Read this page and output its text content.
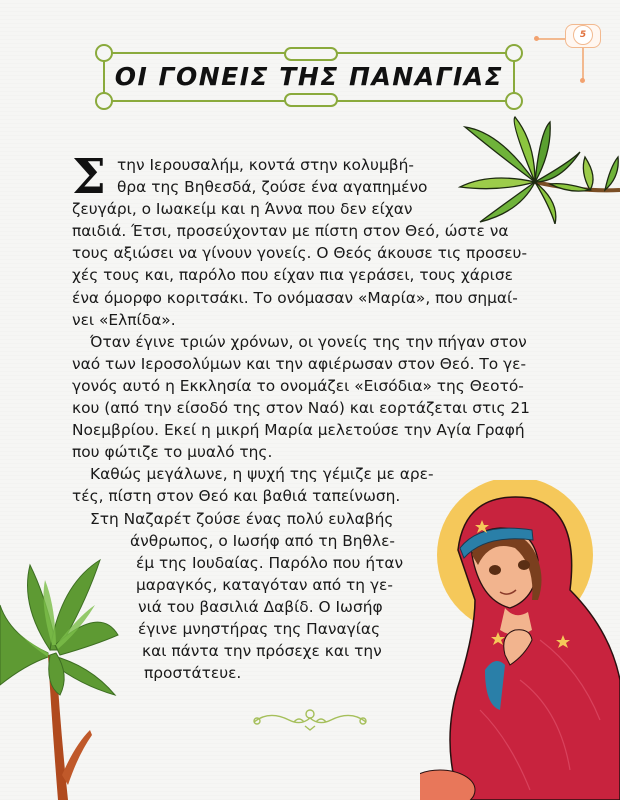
5
ΟΙ ΓΟΝΕΙΣ ΤΗΣ ΠΑΝΑΓΙΑΣ
Σ την Ιερουσαλήμ, κοντά στην κολυμβή-
θρα της Βηθεσδά, ζούσε ένα αγαπημένο
ζευγάρι, ο Ιωακείμ και η Άννα που δεν είχαν
παιδιά. Έτσι, προσεύχονταν με πίστη στον Θεό, ώστε να
τους αξιώσει να γίνουν γονείς. Ο Θεός άκουσε τις προσευ-
χές τους και, παρόλο που είχαν πια γεράσει, τους χάρισε
ένα όμορφο κοριτσάκι. Το ονόμασαν «Μαρία», που σημαί-
νει «Ελπίδα».
Όταν έγινε τριών χρόνων, οι γονείς της την πήγαν στον
ναό των Ιεροσολύμων και την αφιέρωσαν στον Θεό. Το γε-
γονός αυτό η Εκκλησία το ονομάζει «Εισόδια» της Θεοτό-
κου (από την είσοδό της στον Ναό) και εορτάζεται στις 21
Νοεμβρίου. Εκεί η μικρή Μαρία μελετούσε την Αγία Γραφή
που φώτιζε το μυαλό της.
Καθώς μεγάλωνε, η ψυχή της γέμιζε με αρε-
τές, πίστη στον Θεό και βαθιά ταπείνωση.
Στη Ναζαρέτ ζούσε ένας πολύ ευλαβής
άνθρωπος, ο Ιωσήφ από τη Βηθλε-
έμ της Ιουδαίας. Παρόλο που ήταν
μαραγκός, καταγόταν από τη γε-
νιά του βασιλιά Δαβίδ. Ο Ιωσήφ
έγινε μνηστήρας της Παναγίας
και πάντα την πρόσεχε και την
προστάτευε.
